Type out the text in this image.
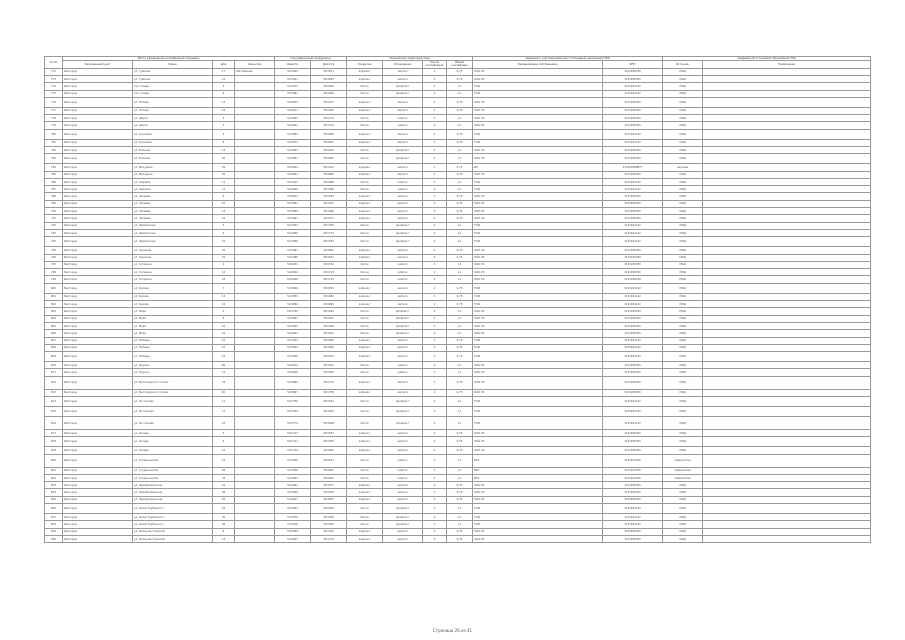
№ п/п	Место размещения контейнерной площадки				Географические координаты		Технические характеристики				Сведения о собственниках мест (площадок) накопления ТКО		Сведения об источниках образования ТКО	
	Населенный пункт	Улица	Дом	Ориентир	Широта	Долгота	Покрытие	Ограждение	Кол-во контейнеров	Объем контейнера	Наименование собственника	ИНН	Источник	Примечание
772	Белгород	ул. Губкина	17	ЖК Мирный	50.5942	36.5871	асфальт	металл	2	0,75	ООО УК	3123456780	МКД	
773	Белгород	ул. Губкина	21		50.5951	36.5893	асфальт	металл	3	0,75	ООО УК	3123456780	МКД	
774	Белгород	пр-т Славы	5		50.5973	36.5834	бетон	профлист	2	1,1	ТСЖ	3123001122	МКД	
775	Белгород	пр-т Славы	9		50.5981	36.5846	бетон	профлист	2	1,1	ТСЖ	3123001122	МКД	
776	Белгород	ул. Попова	12		50.6002	36.5911	асфальт	металл	4	0,75	ООО УК	3123456780	МКД	
777	Белгород	ул. Попова	18		50.6011	36.5925	асфальт	металл	2	0,75	ООО УК	3123456780	МКД	
778	Белгород	ул. Щорса	3		50.5893	36.5712	бетон	кирпич	3	1,1	ООО УК	3123456780	МКД	
779	Белгород	ул. Щорса	7		50.5901	36.5724	бетон	кирпич	2	1,1	ООО УК	3123456780	МКД	
780	Белгород	ул. Королева	2		50.5864	36.5689	асфальт	металл	2	0,75	ТСЖ	3123001122	МКД	
781	Белгород	ул. Королева	8		50.5872	36.5697	асфальт	металл	3	0,75	ТСЖ	3123001122	МКД	
782	Белгород	ул. Есенина	14		50.5823	36.5643	бетон	профлист	2	1,1	ООО УК	3123456780	МКД	
783	Белгород	ул. Есенина	20		50.5831	36.5655	бетон	профлист	2	1,1	ООО УК	3123456780	МКД	
784	Белгород	ул. Мичурина	39		50.6054	36.5812	асфальт	металл	1	0,75	ИП	312300998877	магазин	
785	Белгород	ул. Мичурина	45		50.6061	36.5826	асфальт	металл	2	0,75	ООО УК	3123456780	МКД	
786	Белгород	ул. Садовая	11		50.5912	36.5988	бетон	кирпич	3	1,1	ТСЖ	3123001122	МКД	
787	Белгород	ул. Садовая	17		50.5920	36.5996	бетон	кирпич	2	1,1	ТСЖ	3123001122	МКД	
788	Белгород	ул. Чапаева	6		50.5874	36.5943	асфальт	металл	2	0,75	ООО УК	3123456780	МКД	
789	Белгород	ул. Чапаева	10		50.5881	36.5951	асфальт	металл	2	0,75	ООО УК	3123456780	МКД	
790	Белгород	ул. Чапаева	14		50.5889	36.5960	асфальт	металл	3	0,75	ООО УК	3123456780	МКД	
791	Белгород	ул. Чапаева	22		50.5897	36.5971	асфальт	металл	2	0,75	ООО УК	3123456780	МКД	
792	Белгород	ул. Лермонтова	3		50.5952	36.5765	бетон	профлист	2	1,1	ТСЖ	3123001122	МКД	
793	Белгород	ул. Лермонтова	9		50.5960	36.5773	бетон	профлист	2	1,1	ТСЖ	3123001122	МКД	
794	Белгород	ул. Лермонтова	15		50.5968	36.5781	бетон	профлист	3	1,1	ТСЖ	3123001122	МКД	
795	Белгород	ул. Пушкина	25		50.5987	36.5801	асфальт	металл	2	0,75	ООО УК	3123456780	МКД	
796	Белгород	ул. Пушкина	31		50.5995	36.5813	асфальт	металл	2	0,75	ООО УК	3123456780	МКД	
797	Белгород	ул. Гагарина	4		50.6031	36.5702	бетон	кирпич	3	1,1	ООО УК	3123456780	МКД	
798	Белгород	ул. Гагарина	12		50.6040	36.5714	бетон	кирпич	2	1,1	ООО УК	3123456780	МКД	
799	Белгород	ул. Гагарина	18		50.6048	36.5722	бетон	кирпич	2	1,1	ООО УК	3123456780	МКД	
800	Белгород	ул. Кирова	7		50.5846	36.5874	асфальт	металл	2	0,75	ТСЖ	3123001122	МКД	
801	Белгород	ул. Кирова	13		50.5854	36.5882	асфальт	металл	3	0,75	ТСЖ	3123001122	МКД	
802	Белгород	ул. Кирова	19		50.5862	36.5890	асфальт	металл	2	0,75	ТСЖ	3123001122	МКД	
803	Белгород	ул. Мира	2		50.5799	36.5923	бетон	профлист	2	1,1	ООО УК	3123456780	МКД	
804	Белгород	ул. Мира	6		50.5807	36.5931	бетон	профлист	2	1,1	ООО УК	3123456780	МКД	
805	Белгород	ул. Мира	10		50.5815	36.5939	бетон	профлист	3	1,1	ООО УК	3123456780	МКД	
806	Белгород	ул. Мира	16		50.5823	36.5947	бетон	профлист	2	1,1	ООО УК	3123456780	МКД	
807	Белгород	ул. Победы	41		50.5934	36.5856	асфальт	металл	2	0,75	ТСЖ	3123001122	МКД	
808	Белгород	ул. Победы	47		50.5942	36.5864	асфальт	металл	2	0,75	ТСЖ	3123001122	МКД	
809	Белгород	ул. Победы	53		50.5950	36.5872	асфальт	металл	3	0,75	ТСЖ	3123001122	МКД	
810	Белгород	ул. Фрунзе	66		50.6012	36.5951	бетон	кирпич	2	1,1	ООО УК	3123456780	МКД	
811	Белгород	ул. Фрунзе	72		50.6020	36.5959	бетон	кирпич	2	1,1	ООО УК	3123456780	МКД	
812	Белгород	ул. Белгородского полка	34		50.5889	36.5772	асфальт	металл	3	0,75	ООО УК	3123456780	МКД	
813	Белгород	ул. Белгородского полка	40		50.5897	36.5780	асфальт	металл	2	0,75	ООО УК	3123456780	МКД	
814	Белгород	ул. Костюкова	11		50.5756	36.5612	бетон	профлист	2	1,1	ТСЖ	3123001122	МКД	
815	Белгород	ул. Костюкова	17		50.5764	36.5620	бетон	профлист	3	1,1	ТСЖ	3123001122	МКД	
816	Белгород	ул. Костюкова	23		50.5772	36.5628	бетон	профлист	2	1,1	ТСЖ	3123001122	МКД	
817	Белгород	ул. Конева	5		50.5713	36.5587	асфальт	металл	2	0,75	ООО УК	3123456780	МКД	
818	Белгород	ул. Конева	9		50.5721	36.5595	асфальт	металл	3	0,75	ООО УК	3123456780	МКД	
819	Белгород	ул. Конева	15		50.5729	36.5603	асфальт	металл	2	0,75	ООО УК	3123456780	МКД	
820	Белгород	ул. Студенческая	19		50.5928	36.5817	бетон	кирпич	2	1,1	ВУЗ	3123012345	общежитие	
821	Белгород	ул. Студенческая	28		50.5936	36.5825	бетон	кирпич	3	1,1	ВУЗ	3123012345	общежитие	
822	Белгород	ул. Студенческая	32		50.5944	36.5833	бетон	кирпич	2	1,1	ВУЗ	3123012345	общежитие	
823	Белгород	ул. Преображенская	42		50.5991	36.5871	асфальт	металл	2	0,75	ООО УК	3123456780	МКД	
824	Белгород	ул. Преображенская	48		50.5999	36.5879	асфальт	металл	3	0,75	ООО УК	3123456780	МКД	
825	Белгород	ул. Преображенская	56		50.6007	36.5887	асфальт	металл	2	0,75	ООО УК	3123456780	МКД	
826	Белгород	ул. Князя Трубецкого	24		50.5962	36.5910	бетон	профлист	2	1,1	ТСЖ	3123001122	МКД	
827	Белгород	ул. Князя Трубецкого	30		50.5970	36.5918	бетон	профлист	3	1,1	ТСЖ	3123001122	МКД	
828	Белгород	ул. Князя Трубецкого	36		50.5978	36.5926	бетон	профлист	2	1,1	ТСЖ	3123001122	МКД	
829	Белгород	ул. Коммунистическая	8		50.6089	36.5762	асфальт	металл	2	0,75	ООО УК	3123456780	МКД	
830	Белгород	ул. Коммунистическая	14		50.6097	36.5770	асфальт	металл	3	0,75	ООО УК	3123456780	МКД	
Страница 26 из 41
